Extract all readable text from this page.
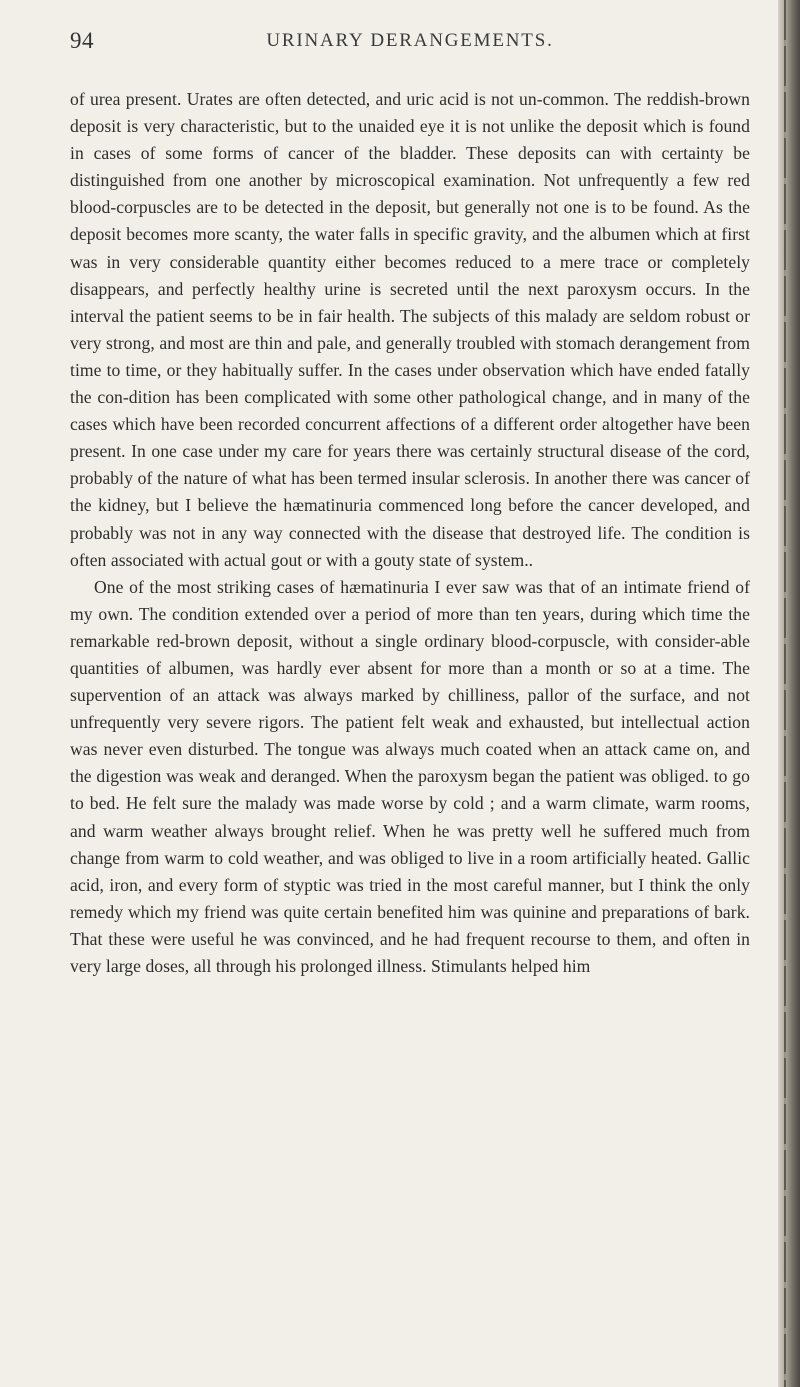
94	URINARY DERANGEMENTS.

of urea present. Urates are often detected, and uric acid is not un-common. The reddish-brown deposit is very characteristic, but to the unaided eye it is not unlike the deposit which is found in cases of some forms of cancer of the bladder. These deposits can with certainty be distinguished from one another by microscopical examination. Not unfrequently a few red blood-corpuscles are to be detected in the deposit, but generally not one is to be found. As the deposit becomes more scanty, the water falls in specific gravity, and the albumen which at first was in very considerable quantity either becomes reduced to a mere trace or completely disappears, and perfectly healthy urine is secreted until the next paroxysm occurs. In the interval the patient seems to be in fair health. The subjects of this malady are seldom robust or very strong, and most are thin and pale, and generally troubled with stomach derangement from time to time, or they habitually suffer. In the cases under observation which have ended fatally the con-dition has been complicated with some other pathological change, and in many of the cases which have been recorded concurrent affections of a different order altogether have been present. In one case under my care for years there was certainly structural disease of the cord, probably of the nature of what has been termed insular sclerosis. In another there was cancer of the kidney, but I believe the hæmatinuria commenced long before the cancer developed, and probably was not in any way connected with the disease that destroyed life. The condition is often associated with actual gout or with a gouty state of system..

One of the most striking cases of hæmatinuria I ever saw was that of an intimate friend of my own. The condition extended over a period of more than ten years, during which time the remarkable red-brown deposit, without a single ordinary blood-corpuscle, with consider-able quantities of albumen, was hardly ever absent for more than a month or so at a time. The supervention of an attack was always marked by chilliness, pallor of the surface, and not unfrequently very severe rigors. The patient felt weak and exhausted, but intellectual action was never even disturbed. The tongue was always much coated when an attack came on, and the digestion was weak and deranged. When the paroxysm began the patient was obliged. to go to bed. He felt sure the malady was made worse by cold ; and a warm climate, warm rooms, and warm weather always brought relief. When he was pretty well he suffered much from change from warm to cold weather, and was obliged to live in a room artificially heated. Gallic acid, iron, and every form of styptic was tried in the most careful manner, but I think the only remedy which my friend was quite certain benefited him was quinine and preparations of bark. That these were useful he was convinced, and he had frequent recourse to them, and often in very large doses, all through his prolonged illness. Stimulants helped him
